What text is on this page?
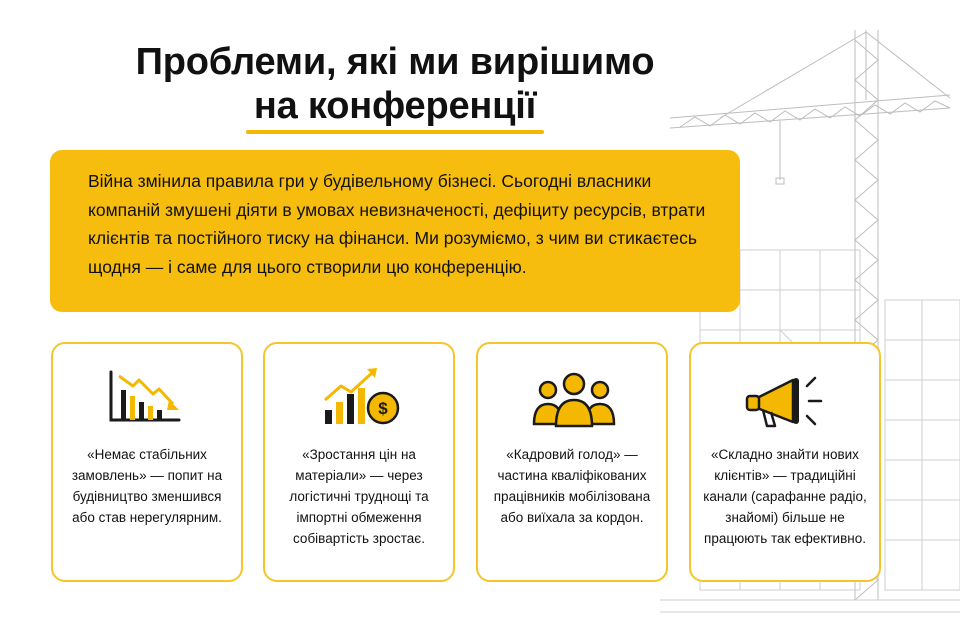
Проблеми, які ми вирішимо
на конференції

Війна змінила правила гри у будівельному бізнесі. Сьогодні власники компаній змушені діяти в умовах невизначеності, дефіциту ресурсів, втрати клієнтів та постійного тиску на фінанси. Ми розуміємо, з чим ви стикаєтесь щодня — і саме для цього створили цю конференцію.

«Немає стабільних замовлень» — попит на будівництво зменшився або став нерегулярним.
$
«Зростання цін на матеріали» — через логістичні труднощі та імпортні обмеження собівартість зростає.
«Кадровий голод» — частина кваліфікованих працівників мобілізована або виїхала за кордон.
«Складно знайти нових клієнтів» — традиційні канали (сарафанне радіо, знайомі) більше не працюють так ефективно.
